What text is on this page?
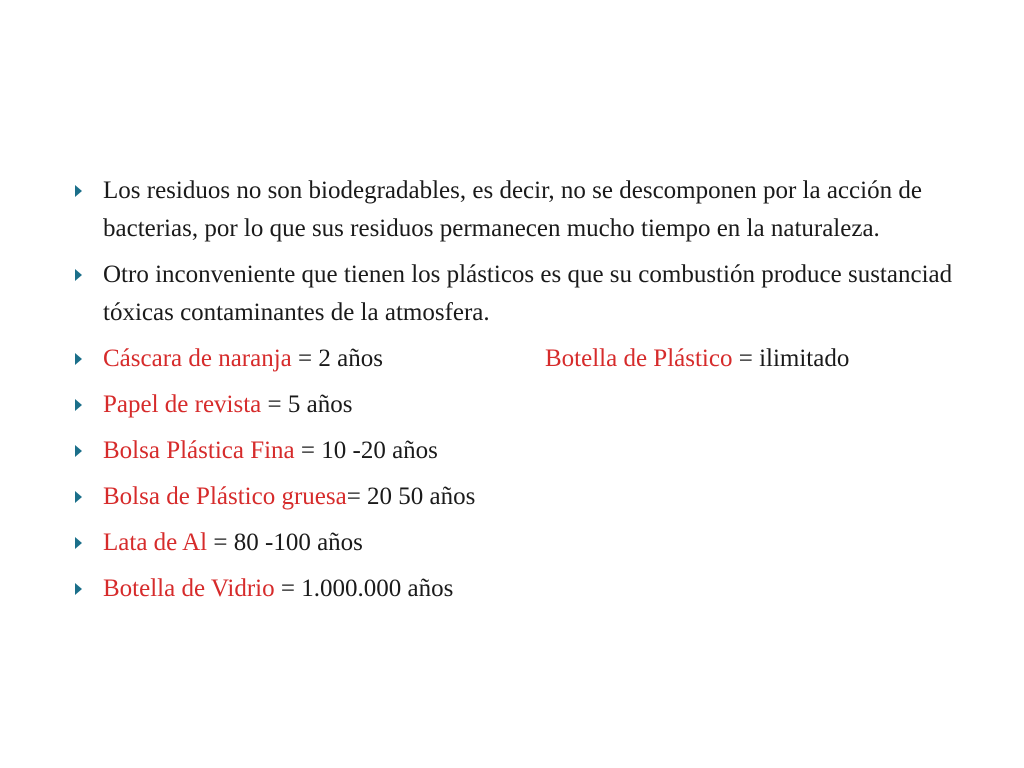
Los residuos no son biodegradables, es decir, no se descomponen por la acción de bacterias, por lo que sus residuos permanecen mucho tiempo en la naturaleza.
Otro inconveniente que tienen los plásticos es que su combustión produce sustanciad tóxicas contaminantes de la atmosfera.
Cáscara de naranja = 2 años	Botella de Plástico = ilimitado
Papel de revista = 5 años
Bolsa Plástica Fina = 10 -20 años
Bolsa de Plástico gruesa= 20 50 años
Lata de Al = 80 -100 años
Botella de Vidrio = 1.000.000 años
